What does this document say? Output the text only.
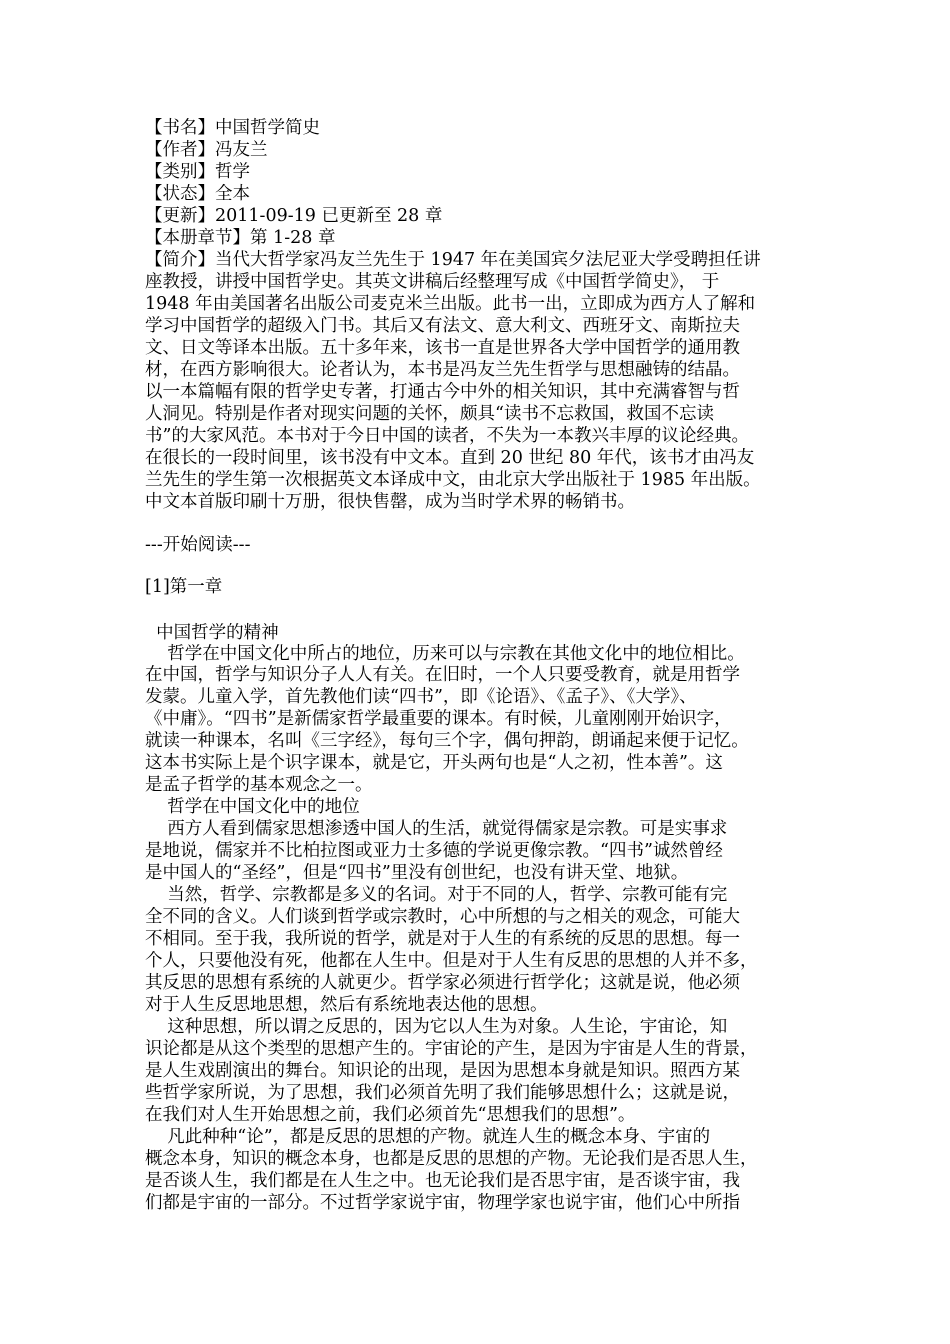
【书名】中国哲学简史
【作者】冯友兰
【类别】哲学
【状态】全本
【更新】2011-09-19 已更新至 28 章
【本册章节】第 1-28 章
【简介】当代大哲学家冯友兰先生于 1947 年在美国宾夕法尼亚大学受聘担任讲
座教授，讲授中国哲学史。其英文讲稿后经整理写成《中国哲学简史》， 于
1948 年由美国著名出版公司麦克米兰出版。此书一出，立即成为西方人了解和
学习中国哲学的超级入门书。其后又有法文、意大利文、西班牙文、南斯拉夫
文、日文等译本出版。五十多年来，该书一直是世界各大学中国哲学的通用教
材，在西方影响很大。论者认为，本书是冯友兰先生哲学与思想融铸的结晶。
以一本篇幅有限的哲学史专著，打通古今中外的相关知识，其中充满睿智与哲
人洞见。特别是作者对现实问题的关怀，颇具“读书不忘救国，救国不忘读
书”的大家风范。本书对于今日中国的读者，不失为一本教兴丰厚的议论经典。
在很长的一段时间里，该书没有中文本。直到 20 世纪 80 年代，该书才由冯友
兰先生的学生第一次根据英文本译成中文，由北京大学出版社于 1985 年出版。
中文本首版印刷十万册，很快售罄，成为当时学术界的畅销书。
---开始阅读---
[1]第一章
中国哲学的精神
哲学在中国文化中所占的地位，历来可以与宗教在其他文化中的地位相比。
在中国，哲学与知识分子人人有关。在旧时，一个人只要受教育，就是用哲学
发蒙。儿童入学，首先教他们读“四书”，即《论语》、《孟子》、《大学》、
《中庸》。“四书”是新儒家哲学最重要的课本。有时候，儿童刚刚开始识字，
就读一种课本，名叫《三字经》，每句三个字，偶句押韵，朗诵起来便于记忆。
这本书实际上是个识字课本，就是它，开头两句也是“人之初，性本善”。这
是孟子哲学的基本观念之一。
哲学在中国文化中的地位
西方人看到儒家思想渗透中国人的生活，就觉得儒家是宗教。可是实事求
是地说，儒家并不比柏拉图或亚力士多德的学说更像宗教。“四书”诚然曾经
是中国人的“圣经”，但是“四书”里没有创世纪，也没有讲天堂、地狱。
当然，哲学、宗教都是多义的名词。对于不同的人，哲学、宗教可能有完
全不同的含义。人们谈到哲学或宗教时，心中所想的与之相关的观念，可能大
不相同。至于我，我所说的哲学，就是对于人生的有系统的反思的思想。每一
个人，只要他没有死，他都在人生中。但是对于人生有反思的思想的人并不多，
其反思的思想有系统的人就更少。哲学家必须进行哲学化；这就是说，他必须
对于人生反思地思想，然后有系统地表达他的思想。
这种思想，所以谓之反思的，因为它以人生为对象。人生论，宇宙论，知
识论都是从这个类型的思想产生的。宇宙论的产生，是因为宇宙是人生的背景，
是人生戏剧演出的舞台。知识论的出现，是因为思想本身就是知识。照西方某
些哲学家所说，为了思想，我们必须首先明了我们能够思想什么；这就是说，
在我们对人生开始思想之前，我们必须首先“思想我们的思想”。
凡此种种“论”，都是反思的思想的产物。就连人生的概念本身、宇宙的
概念本身，知识的概念本身，也都是反思的思想的产物。无论我们是否思人生，
是否谈人生，我们都是在人生之中。也无论我们是否思宇宙，是否谈宇宙，我
们都是宇宙的一部分。不过哲学家说宇宙，物理学家也说宇宙，他们心中所指
